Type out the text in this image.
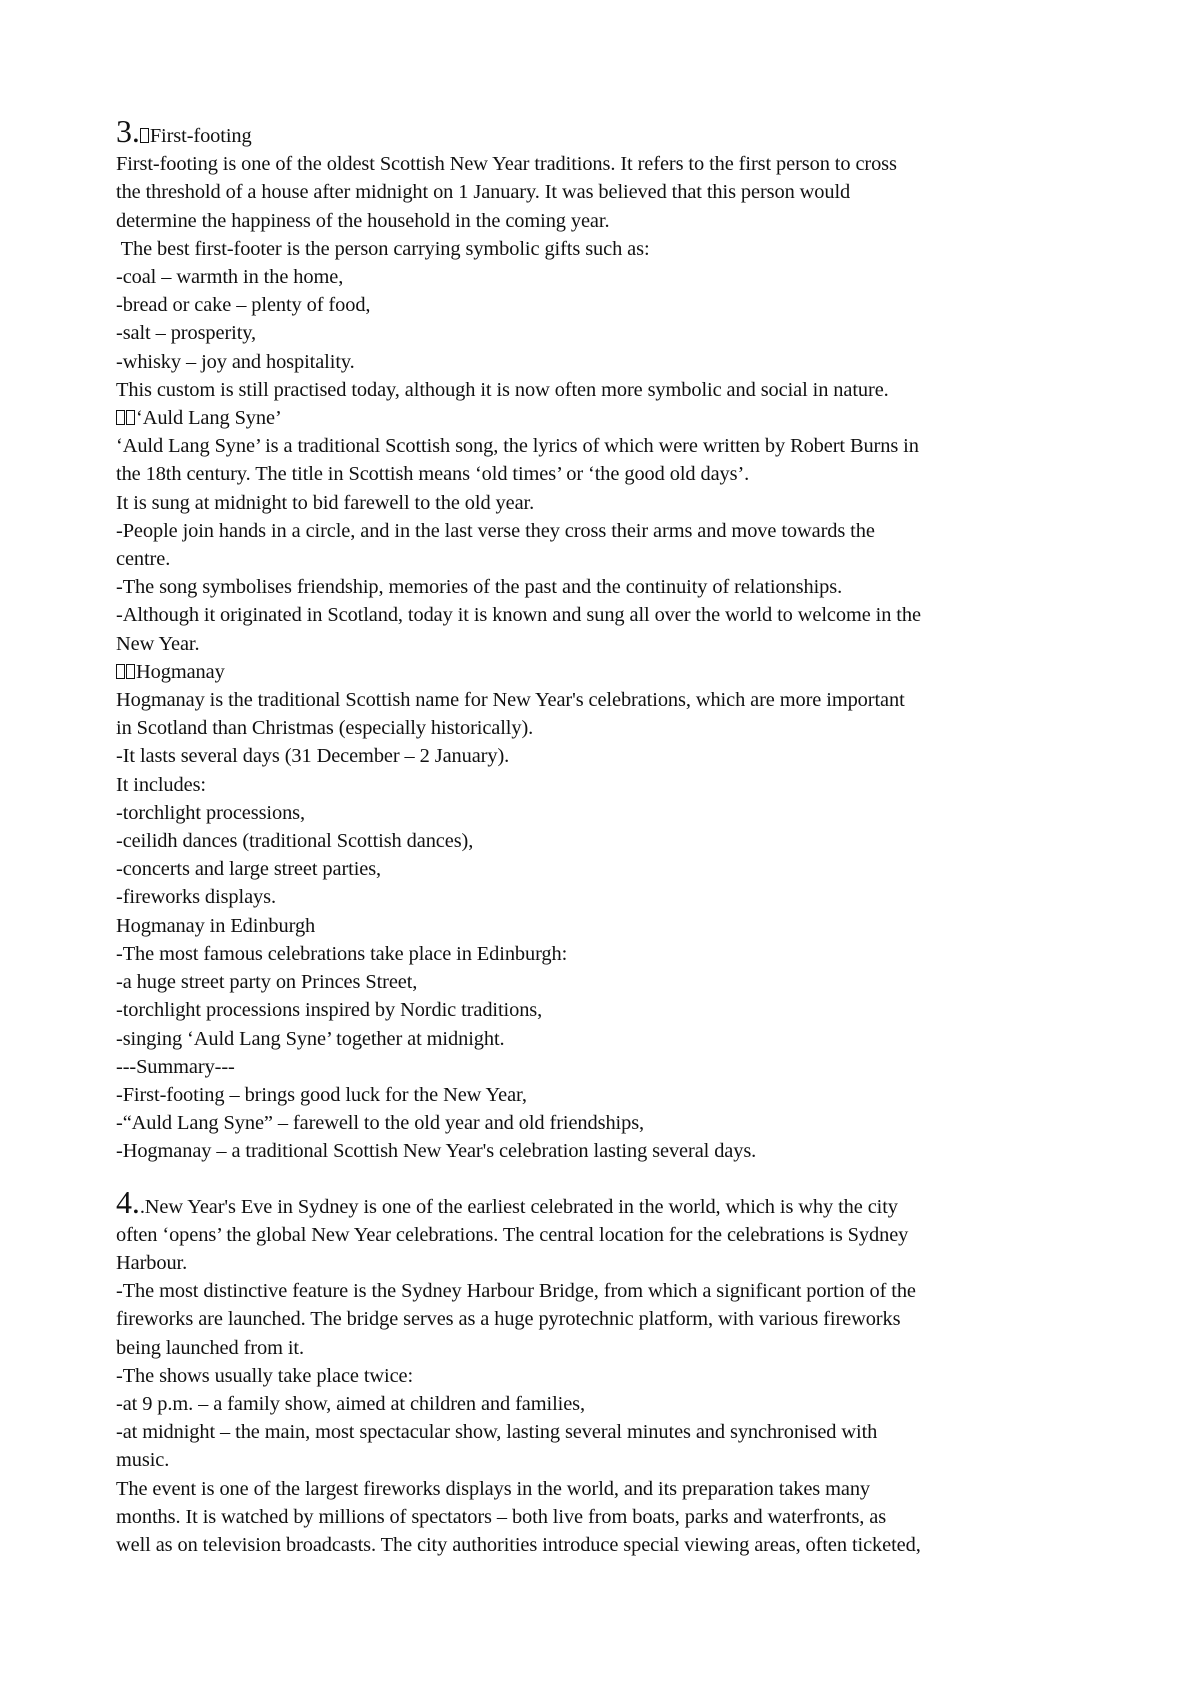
3. First-footing
First-footing is one of the oldest Scottish New Year traditions. It refers to the first person to cross
the threshold of a house after midnight on 1 January. It was believed that this person would
determine the happiness of the household in the coming year.
The best first-footer is the person carrying symbolic gifts such as:
-coal – warmth in the home,
-bread or cake – plenty of food,
-salt – prosperity,
-whisky – joy and hospitality.
This custom is still practised today, although it is now often more symbolic and social in nature.
‘Auld Lang Syne’
‘Auld Lang Syne’ is a traditional Scottish song, the lyrics of which were written by Robert Burns in
the 18th century. The title in Scottish means ‘old times’ or ‘the good old days’.
It is sung at midnight to bid farewell to the old year.
-People join hands in a circle, and in the last verse they cross their arms and move towards the
centre.
-The song symbolises friendship, memories of the past and the continuity of relationships.
-Although it originated in Scotland, today it is known and sung all over the world to welcome in the
New Year.
Hogmanay
Hogmanay is the traditional Scottish name for New Year's celebrations, which are more important
in Scotland than Christmas (especially historically).
-It lasts several days (31 December – 2 January).
It includes:
-torchlight processions,
-ceilidh dances (traditional Scottish dances),
-concerts and large street parties,
-fireworks displays.
Hogmanay in Edinburgh
-The most famous celebrations take place in Edinburgh:
-a huge street party on Princes Street,
-torchlight processions inspired by Nordic traditions,
-singing ‘Auld Lang Syne’ together at midnight.
---Summary---
-First-footing – brings good luck for the New Year,
-“Auld Lang Syne” – farewell to the old year and old friendships,
-Hogmanay – a traditional Scottish New Year's celebration lasting several days.
4..New Year's Eve in Sydney is one of the earliest celebrated in the world, which is why the city
often ‘opens’ the global New Year celebrations. The central location for the celebrations is Sydney
Harbour.
-The most distinctive feature is the Sydney Harbour Bridge, from which a significant portion of the
fireworks are launched. The bridge serves as a huge pyrotechnic platform, with various fireworks
being launched from it.
-The shows usually take place twice:
-at 9 p.m. – a family show, aimed at children and families,
-at midnight – the main, most spectacular show, lasting several minutes and synchronised with
music.
The event is one of the largest fireworks displays in the world, and its preparation takes many
months. It is watched by millions of spectators – both live from boats, parks and waterfronts, as
well as on television broadcasts. The city authorities introduce special viewing areas, often ticketed,
